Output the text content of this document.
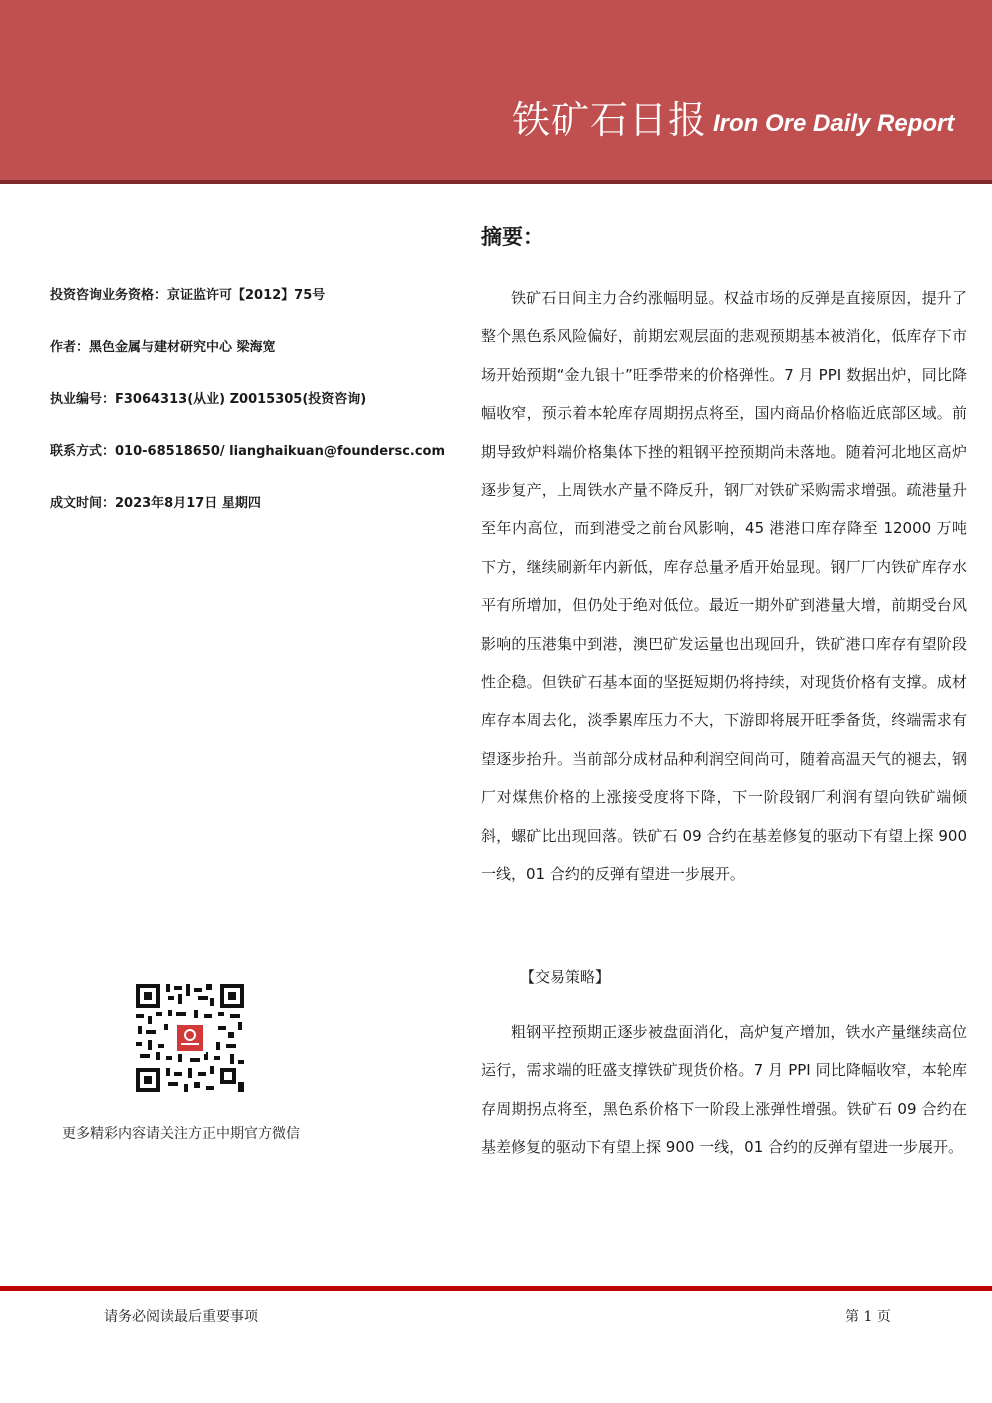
铁矿石日报 Iron Ore Daily Report
投资咨询业务资格：京证监许可【2012】75号
作者：黑色金属与建材研究中心 梁海宽
执业编号：F3064313(从业) Z0015305(投资咨询)
联系方式：010-68518650/ lianghaikuan@foundersc.com
成文时间：2023年8月17日 星期四
更多精彩内容请关注方正中期官方微信
摘要：

铁矿石日间主力合约涨幅明显。权益市场的反弹是直接原因，提升了整个黑色系风险偏好，前期宏观层面的悲观预期基本被消化，低库存下市场开始预期“金九银十”旺季带来的价格弹性。7 月 PPI 数据出炉，同比降幅收窄，预示着本轮库存周期拐点将至，国内商品价格临近底部区域。前期导致炉料端价格集体下挫的粗钢平控预期尚未落地。随着河北地区高炉逐步复产，上周铁水产量不降反升，钢厂对铁矿采购需求增强。疏港量升至年内高位，而到港受之前台风影响，45 港港口库存降至 12000 万吨下方，继续刷新年内新低，库存总量矛盾开始显现。钢厂厂内铁矿库存水平有所增加，但仍处于绝对低位。最近一期外矿到港量大增，前期受台风影响的压港集中到港，澳巴矿发运量也出现回升，铁矿港口库存有望阶段性企稳。但铁矿石基本面的坚挺短期仍将持续，对现货价格有支撑。成材库存本周去化，淡季累库压力不大，下游即将展开旺季备货，终端需求有望逐步抬升。当前部分成材品种利润空间尚可，随着高温天气的褪去，钢厂对煤焦价格的上涨接受度将下降，下一阶段钢厂利润有望向铁矿端倾斜，螺矿比出现回落。铁矿石 09 合约在基差修复的驱动下有望上探 900 一线，01 合约的反弹有望进一步展开。

【交易策略】

粗钢平控预期正逐步被盘面消化，高炉复产增加，铁水产量继续高位运行，需求端的旺盛支撑铁矿现货价格。7 月 PPI 同比降幅收窄，本轮库存周期拐点将至，黑色系价格下一阶段上涨弹性增强。铁矿石 09 合约在基差修复的驱动下有望上探 900 一线，01 合约的反弹有望进一步展开。

请务必阅读最后重要事项	第 1 页
